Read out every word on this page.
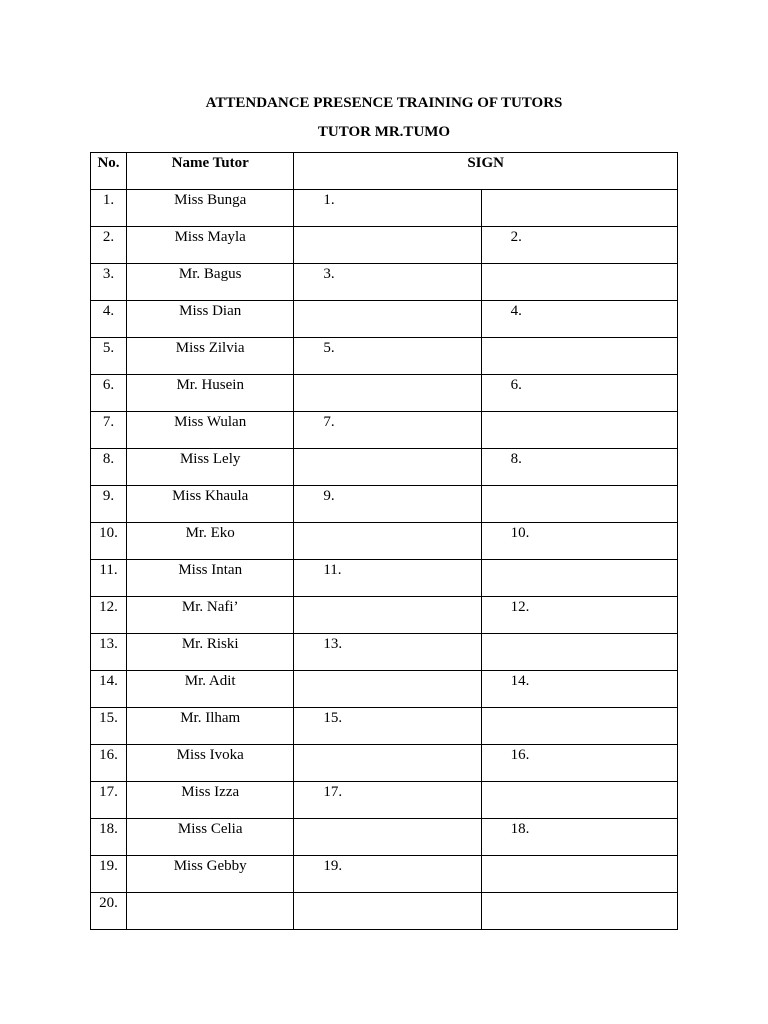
ATTENDANCE PRESENCE TRAINING OF TUTORS
TUTOR MR.TUMO
No.	Name Tutor	SIGN	
1.	Miss Bunga	1.	
2.	Miss Mayla		2.
3.	Mr. Bagus	3.	
4.	Miss Dian		4.
5.	Miss Zilvia	5.	
6.	Mr. Husein		6.
7.	Miss Wulan	7.	
8.	Miss Lely		8.
9.	Miss Khaula	9.	
10.	Mr. Eko		10.
11.	Miss Intan	11.	
12.	Mr. Nafi’		12.
13.	Mr. Riski	13.	
14.	Mr. Adit		14.
15.	Mr. Ilham	15.	
16.	Miss Ivoka		16.
17.	Miss Izza	17.	
18.	Miss Celia		18.
19.	Miss Gebby	19.	
20.			
